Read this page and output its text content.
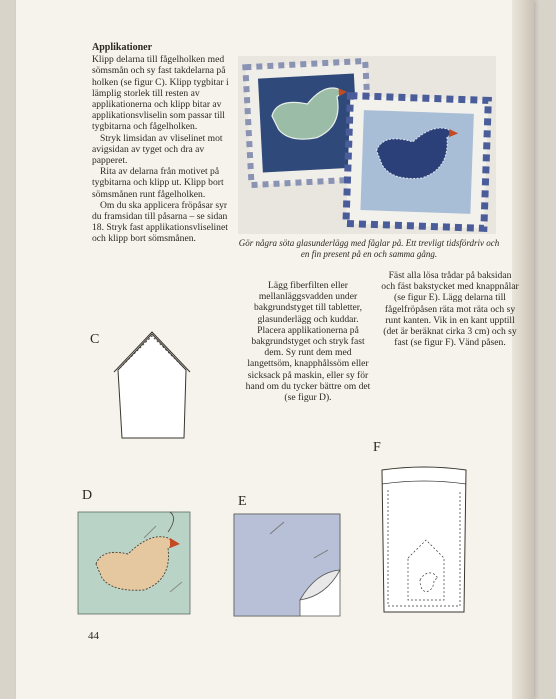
Applikationer

Klipp delarna till fågelholken med sömsmån och sy fast takdelarna på holken (se figur C). Klipp tygbitar i lämplig storlek till resten av applikationerna och klipp bitar av applikationsvliselin som passar till tygbitarna och fågelholken.

Stryk limsidan av vliselinet mot avigsidan av tyget och dra av papperet.

Rita av delarna från motivet på tygbitarna och klipp ut. Klipp bort sömsmånen runt fågelholken.

Om du ska applicera fröpåsar syr du framsidan till påsarna – se sidan 18. Stryk fast applikationsvliselinet och klipp bort sömsmånen.	Gör några söta glasunderlägg med fåglar på. Ett trevligt tidsfördriv och en fin present på en och samma gång.
Lägg fiberfilten eller mellanläggsvadden under bakgrundstyget till tabletter, glasunderlägg och kuddar. Placera applikationerna på bakgrundstyget och stryk fast dem. Sy runt dem med langettsöm, knapphålssöm eller sicksack på maskin, eller sy för hand om du tycker bättre om det (se figur D).
Fäst alla lösa trådar på baksidan och fäst bakstycket med knappnålar (se figur E). Lägg delarna till fågelfröpåsen räta mot räta och sy runt kanten. Vik in en kant upptill (det är beräknat cirka 3 cm) och sy fast (se figur F). Vänd påsen.
C
D	E
F
44
